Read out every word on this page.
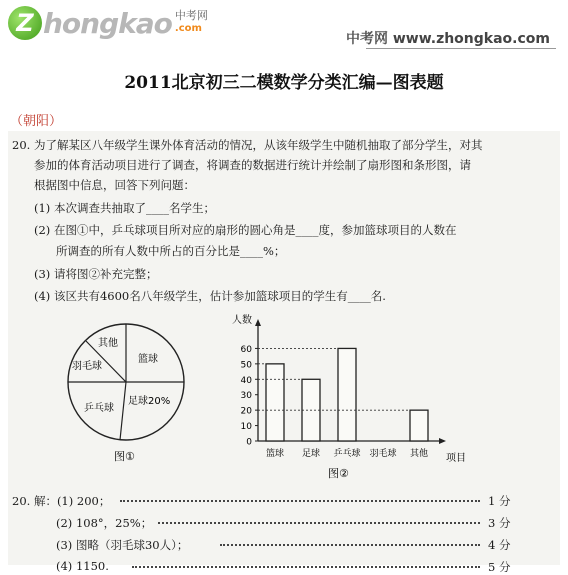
Z hongkao 中考网
.com
中考网 www.zhongkao.com
2011北京初三二模数学分类汇编—图表题
（朝阳）
20. 为了解某区八年级学生课外体育活动的情况，从该年级学生中随机抽取了部分学生，对其
参加的体育活动项目进行了调查，将调查的数据进行统计并绘制了扇形图和条形图，请
根据图中信息，回答下列问题：
(1) 本次调查共抽取了____名学生；
(2) 在图①中，乒乓球项目所对应的扇形的圆心角是____度，参加篮球项目的人数在
所调查的所有人数中所占的百分比是____%；
(3) 请将图②补充完整；
(4) 该区共有4600名八年级学生，估计参加篮球项目的学生有____名.
其他
篮球
羽毛球
足球20%
乒乓球
图①
人数
项目
图②
0
10
20
30
40
50
60
篮球 足球 乒乓球 羽毛球 其他
20. 解：(1) 200；	1 分
(2) 108°，25%；	3 分
(3) 图略（羽毛球30人）；	4 分
(4) 1150.	5 分
